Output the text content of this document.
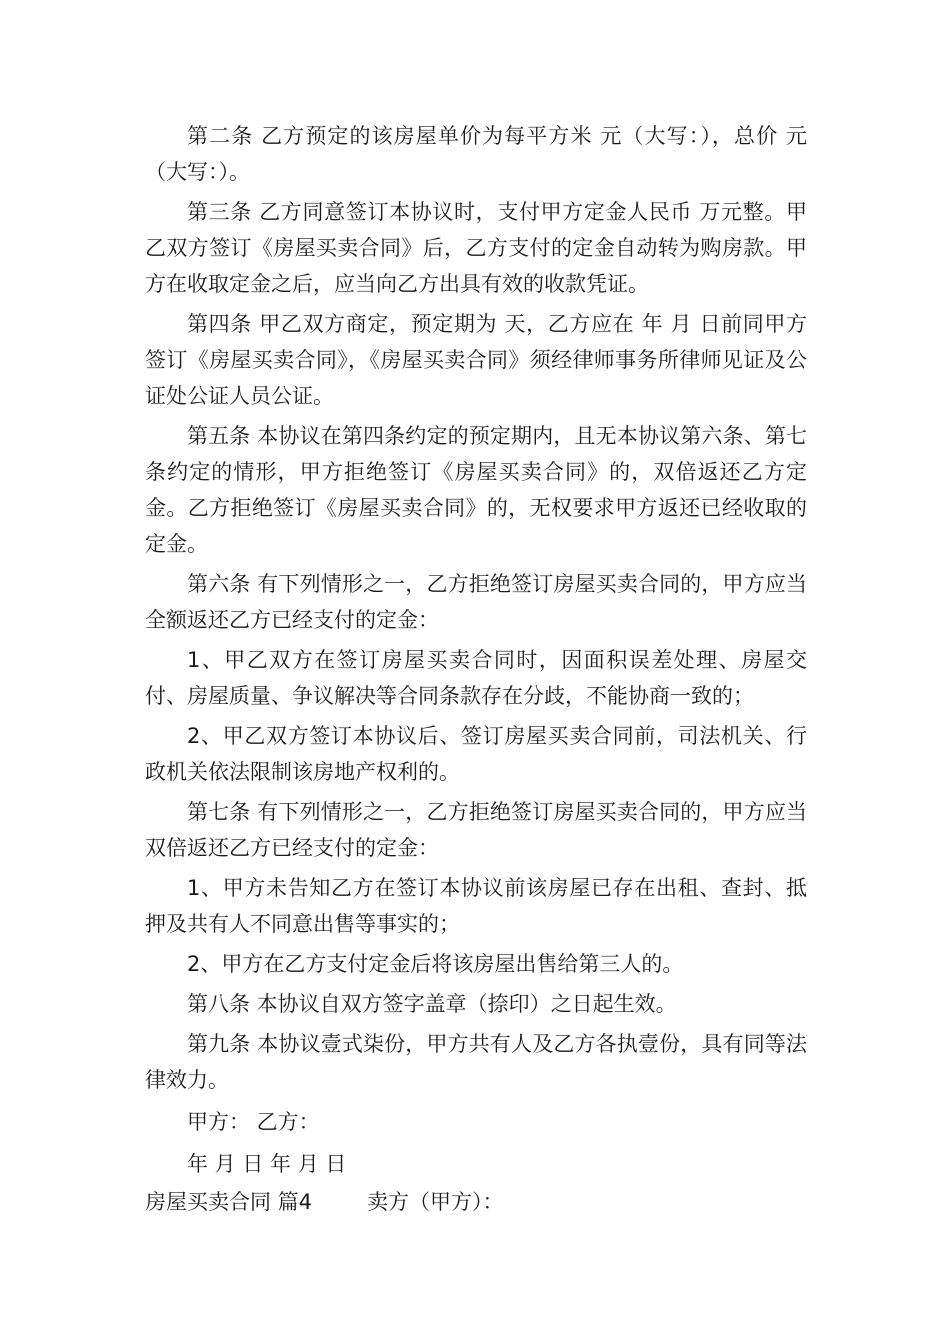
第二条 乙方预定的该房屋单价为每平方米 元（大写：），总价 元（大写：）。

第三条 乙方同意签订本协议时，支付甲方定金人民币 万元整。甲乙双方签订《房屋买卖合同》后，乙方支付的定金自动转为购房款。甲方在收取定金之后，应当向乙方出具有效的收款凭证。

第四条 甲乙双方商定，预定期为 天，乙方应在 年 月 日前同甲方签订《房屋买卖合同》，《房屋买卖合同》须经律师事务所律师见证及公证处公证人员公证。

第五条 本协议在第四条约定的预定期内，且无本协议第六条、第七条约定的情形，甲方拒绝签订《房屋买卖合同》的，双倍返还乙方定金。乙方拒绝签订《房屋买卖合同》的，无权要求甲方返还已经收取的定金。

第六条 有下列情形之一，乙方拒绝签订房屋买卖合同的，甲方应当全额返还乙方已经支付的定金：

1、甲乙双方在签订房屋买卖合同时，因面积误差处理、房屋交付、房屋质量、争议解决等合同条款存在分歧，不能协商一致的；

2、甲乙双方签订本协议后、签订房屋买卖合同前，司法机关、行政机关依法限制该房地产权利的。

第七条 有下列情形之一，乙方拒绝签订房屋买卖合同的，甲方应当双倍返还乙方已经支付的定金：

1、甲方未告知乙方在签订本协议前该房屋已存在出租、查封、抵押及共有人不同意出售等事实的；

2、甲方在乙方支付定金后将该房屋出售给第三人的。

第八条 本协议自双方签字盖章（捺印）之日起生效。

第九条 本协议壹式柒份，甲方共有人及乙方各执壹份，具有同等法律效力。

甲方： 乙方：

年 月 日 年 月 日

房屋买卖合同 篇4	卖方（甲方）：
